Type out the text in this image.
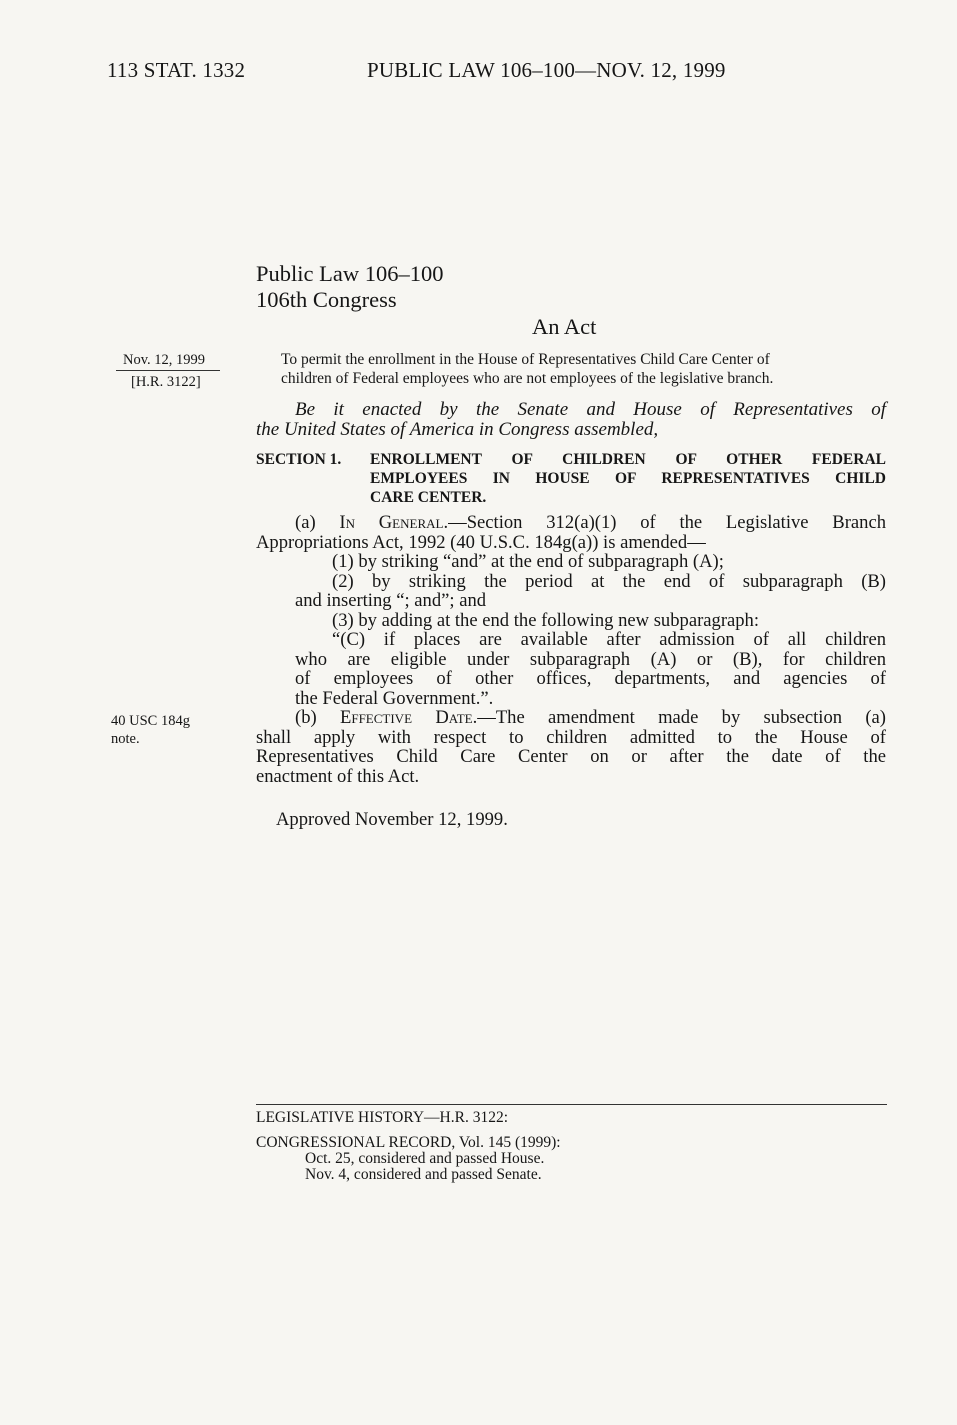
113 STAT. 1332	PUBLIC LAW 106–100—NOV. 12, 1999
Public Law 106–100
106th Congress
An Act
Nov. 12, 1999
[H.R. 3122]
40 USC 184g
note.
To permit the enrollment in the House of Representatives Child Care Center of
children of Federal employees who are not employees of the legislative branch.
Be it enacted by the Senate and House of Representatives of
the United States of America in Congress assembled,
SECTION 1. ENROLLMENT OF CHILDREN OF OTHER FEDERAL
EMPLOYEES IN HOUSE OF REPRESENTATIVES CHILD
CARE CENTER.
(a) In General.—Section 312(a)(1) of the Legislative Branch
Appropriations Act, 1992 (40 U.S.C. 184g(a)) is amended—
(1) by striking “and” at the end of subparagraph (A);
(2) by striking the period at the end of subparagraph (B)
and inserting “; and”; and
(3) by adding at the end the following new subparagraph:
“(C) if places are available after admission of all children
who are eligible under subparagraph (A) or (B), for children
of employees of other offices, departments, and agencies of
the Federal Government.”.
(b) Effective Date.—The amendment made by subsection (a)
shall apply with respect to children admitted to the House of
Representatives Child Care Center on or after the date of the
enactment of this Act.
Approved November 12, 1999.
LEGISLATIVE HISTORY—H.R. 3122:
CONGRESSIONAL RECORD, Vol. 145 (1999):
Oct. 25, considered and passed House.
Nov. 4, considered and passed Senate.
